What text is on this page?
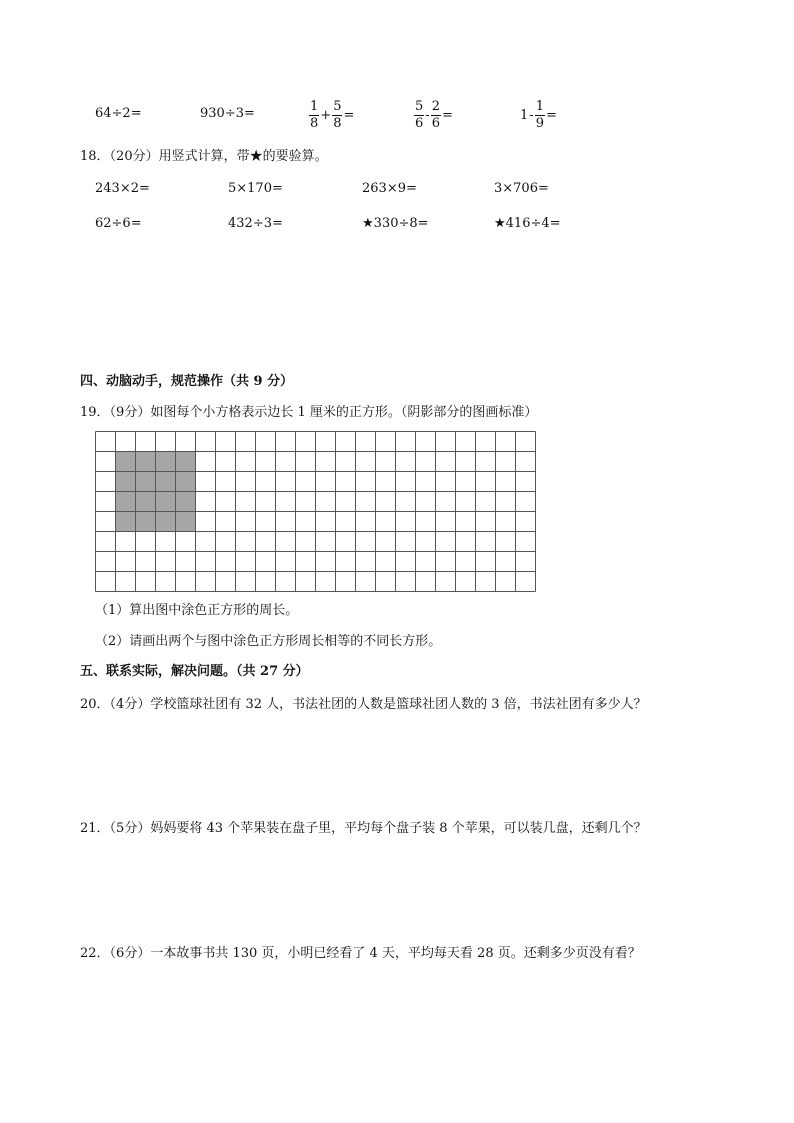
64÷2=	930÷3=	$\frac{1}{8} + \frac{5}{8}$ =	$\frac{5}{6} - \frac{2}{6}$ =	$1 - \frac{1}{9}$ =
18．（20分）用竖式计算，带★的要验算。
243×2=	5×170=	263×9=	3×706=
62÷6=	432÷3=	★330÷8=	★416÷4=
四、动脑动手，规范操作（共 9 分）
19．（9分）如图每个小方格表示边长 1 厘米的正方形。（阴影部分的图画标准）
（1）算出图中涂色正方形的周长。
（2）请画出两个与图中涂色正方形周长相等的不同长方形。
五、联系实际，解决问题。（共 27 分）
20．（4分）学校篮球社团有 32 人，书法社团的人数是篮球社团人数的 3 倍，书法社团有多少人？
21．（5分）妈妈要将 43 个苹果装在盘子里，平均每个盘子装 8 个苹果，可以装几盘，还剩几个？
22．（6分）一本故事书共 130 页，小明已经看了 4 天，平均每天看 28 页。还剩多少页没有看？
